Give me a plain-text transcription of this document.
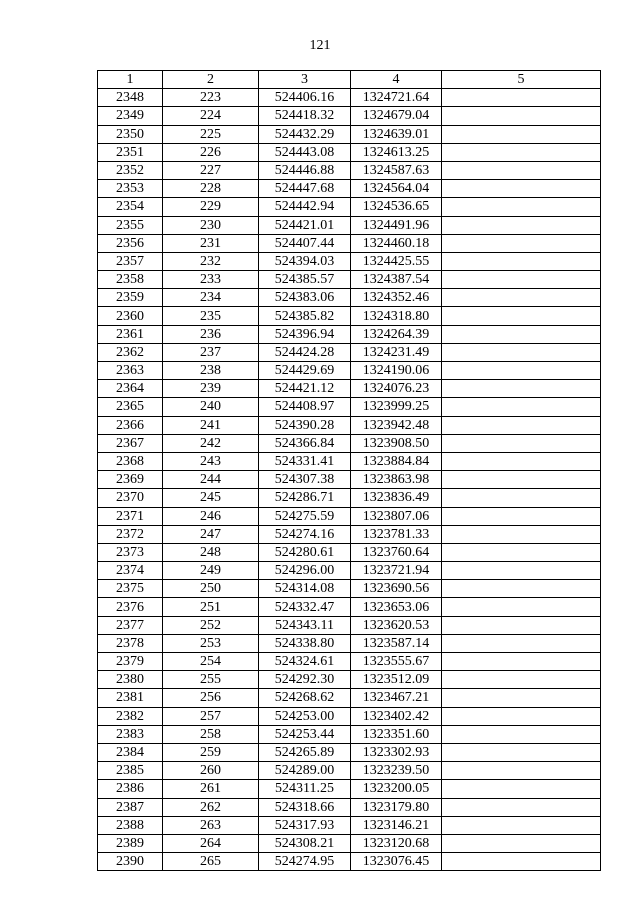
121
1	2	3	4	5
2348	223	524406.16	1324721.64	
2349	224	524418.32	1324679.04	
2350	225	524432.29	1324639.01	
2351	226	524443.08	1324613.25	
2352	227	524446.88	1324587.63	
2353	228	524447.68	1324564.04	
2354	229	524442.94	1324536.65	
2355	230	524421.01	1324491.96	
2356	231	524407.44	1324460.18	
2357	232	524394.03	1324425.55	
2358	233	524385.57	1324387.54	
2359	234	524383.06	1324352.46	
2360	235	524385.82	1324318.80	
2361	236	524396.94	1324264.39	
2362	237	524424.28	1324231.49	
2363	238	524429.69	1324190.06	
2364	239	524421.12	1324076.23	
2365	240	524408.97	1323999.25	
2366	241	524390.28	1323942.48	
2367	242	524366.84	1323908.50	
2368	243	524331.41	1323884.84	
2369	244	524307.38	1323863.98	
2370	245	524286.71	1323836.49	
2371	246	524275.59	1323807.06	
2372	247	524274.16	1323781.33	
2373	248	524280.61	1323760.64	
2374	249	524296.00	1323721.94	
2375	250	524314.08	1323690.56	
2376	251	524332.47	1323653.06	
2377	252	524343.11	1323620.53	
2378	253	524338.80	1323587.14	
2379	254	524324.61	1323555.67	
2380	255	524292.30	1323512.09	
2381	256	524268.62	1323467.21	
2382	257	524253.00	1323402.42	
2383	258	524253.44	1323351.60	
2384	259	524265.89	1323302.93	
2385	260	524289.00	1323239.50	
2386	261	524311.25	1323200.05	
2387	262	524318.66	1323179.80	
2388	263	524317.93	1323146.21	
2389	264	524308.21	1323120.68	
2390	265	524274.95	1323076.45	
